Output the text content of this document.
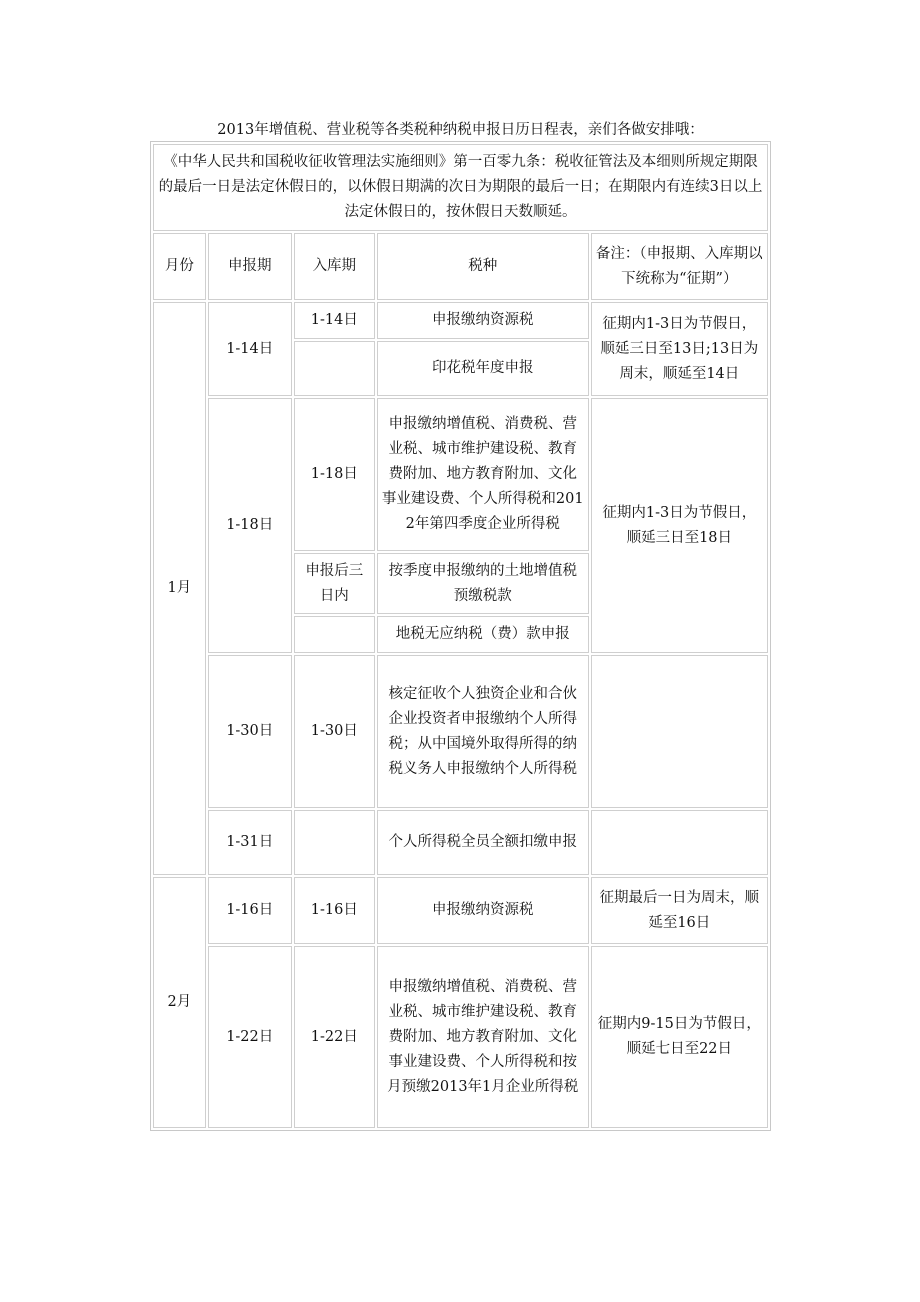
2013年增值税、营业税等各类税种纳税申报日历日程表，亲们各做安排哦：
《中华人民共和国税收征收管理法实施细则》第一百零九条：税收征管法及本细则所规定期限的最后一日是法定休假日的，以休假日期满的次日为期限的最后一日；在期限内有连续3日以上法定休假日的，按休假日天数顺延。				
月份	申报期	入库期	税种	备注：（申报期、入库期以下统称为“征期”）
1月	1-14日	1-14日	申报缴纳资源税	征期内1-3日为节假日，顺延三日至13日;13日为周末，顺延至14日
			印花税年度申报	
	1-18日	1-18日	申报缴纳增值税、消费税、营业税、城市维护建设税、教育费附加、地方教育附加、文化事业建设费、个人所得税和2012年第四季度企业所得税	征期内1-3日为节假日，顺延三日至18日
		申报后三日内	按季度申报缴纳的土地增值税预缴税款	
			地税无应纳税（费）款申报	
	1-30日	1-30日	核定征收个人独资企业和合伙企业投资者申报缴纳个人所得税；从中国境外取得所得的纳税义务人申报缴纳个人所得税	
	1-31日		个人所得税全员全额扣缴申报	
2月	1-16日	1-16日	申报缴纳资源税	征期最后一日为周末，顺延至16日
	1-22日	1-22日	申报缴纳增值税、消费税、营业税、城市维护建设税、教育费附加、地方教育附加、文化事业建设费、个人所得税和按月预缴2013年1月企业所得税	征期内9-15日为节假日，顺延七日至22日
